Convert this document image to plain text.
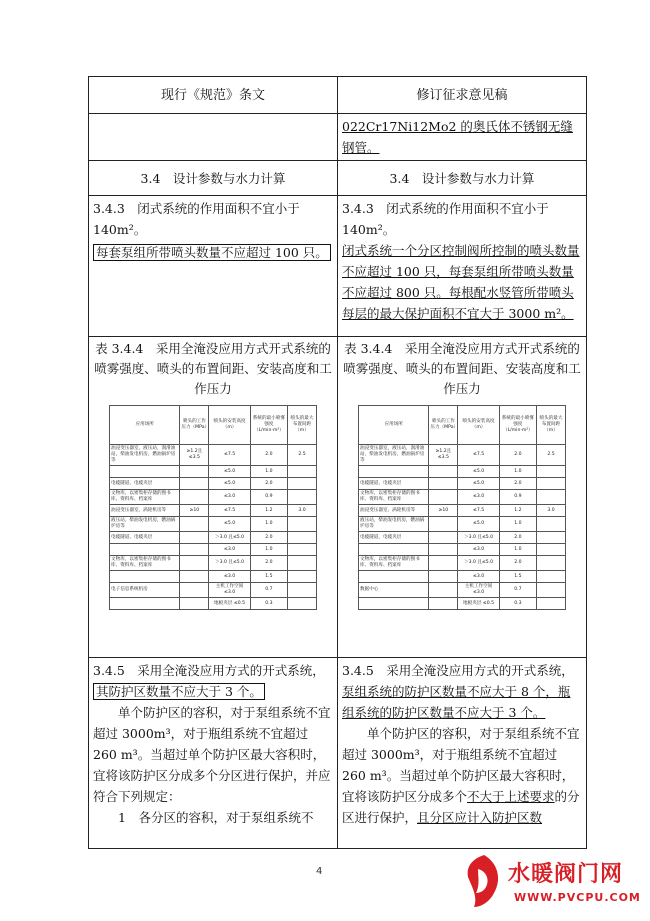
现行《规范》条文	修订征求意见稿
	022Cr17Ni12Mo2 的奥氏体不锈钢无缝钢管。
3.4　设计参数与水力计算	3.4　设计参数与水力计算

3.4.3　闭式系统的作用面积不宜小于140m²。
每套泵组所带喷头数量不应超过 100 只。

3.4.3　闭式系统的作用面积不宜小于140m²。
闭式系统一个分区控制阀所控制的喷头数量不应超过 100 只，每套泵组所带喷头数量不应超过 800 只。每根配水竖管所带喷头每层的最大保护面积不宜大于 3000 m²。

表 3.4.4　采用全淹没应用方式开式系统的喷雾强度、喷头的布置间距、安装高度和工作压力
应用场所	喷头的工作压力（MPa）	喷头的安装高度（m）	系统的最小喷雾强度（L/min·m²）	喷头的最大布置间距（m）
油浸变压器室，液压站，润滑油站，柴油发电机房，燃油锅炉房等	≥1.2且≤3.5	≤7.5	2.0	2.5
		≤5.0	1.0	
电缆隧道、电缆夹层		≤5.0	2.0	
文物库，以密集柜存储的图书库、资料库、档案库		≤3.0	0.9	
油浸变压器室、涡轮机房等	≥10	≤7.5	1.2	3.0
液压站，柴油发电机房，燃油锅炉房等		≤5.0	1.0	
电缆隧道、电缆夹层		＞3.0 且≤5.0	2.0	
		≤3.0	1.0	
文物库，以密集柜存储的图书库、资料库、档案库		＞3.0 且≤5.0	2.0	
		≤3.0	1.5	
电子信息系统机房		主机工作空间 ≤3.0	0.7	
		地板夹层 ≤0.5	0.3	

表 3.4.4　采用全淹没应用方式开式系统的喷雾强度、喷头的布置间距、安装高度和工作压力
应用场所	喷头的工作压力（MPa）	喷头的安装高度（m）	系统的最小喷雾强度（L/min·m²）	喷头的最大布置间距（m）
油浸变压器室，液压站，润滑油站，柴油发电机房，燃油锅炉房等	≥1.2且≤3.5	≤7.5	2.0	2.5
		≤5.0	1.0	
电缆隧道、电缆夹层		≤5.0	2.0	
文物库，以密集柜存储的图书库、资料库、档案库		≤3.0	0.9	
油浸变压器室、涡轮机房等	≥10	≤7.5	1.2	3.0
液压站，柴油发电机房，燃油锅炉房等		≤5.0	1.0	
电缆隧道、电缆夹层		＞3.0 且≤5.0	2.0	
		≤3.0	1.0	
文物库，以密集柜存储的图书库、资料库、档案库		＞3.0 且≤5.0	2.0	
		≤3.0	1.5	
数据中心		主机工作空间 ≤3.0	0.7	
		地板夹层 ≤0.5	0.3	

3.4.5　采用全淹没应用方式的开式系统，
其防护区数量不应大于 3 个。
单个防护区的容积，对于泵组系统不宜超过 3000m³，对于瓶组系统不宜超过 260 m³。当超过单个防护区最大容积时，宜将该防护区分成多个分区进行保护，并应符合下列规定：
1　各分区的容积，对于泵组系统不

3.4.5　采用全淹没应用方式的开式系统，
泵组系统的防护区数量不应大于 8 个，瓶组系统的防护区数量不应大于 3 个。
单个防护区的容积，对于泵组系统不宜超过 3000m³，对于瓶组系统不宜超过 260 m³。当超过单个防护区最大容积时，宜将该防护区分成多个不大于上述要求的分区进行保护，且分区应计入防护区数
4	水暖阀门网
WWW.PVCPU.COM
